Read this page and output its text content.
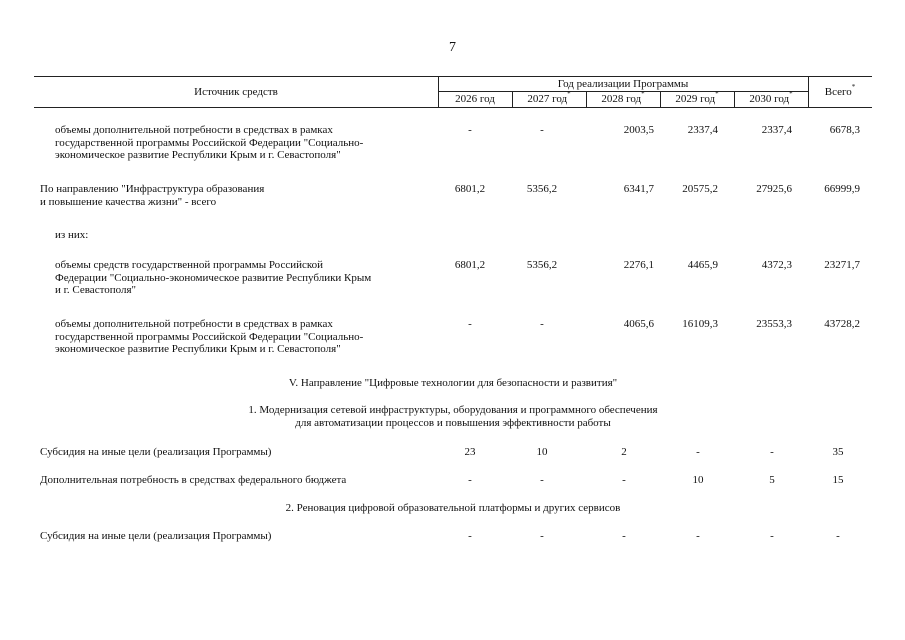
7
Источник средств
Год реализации Программы
Всего*
2026 год	2027 год*	2028 год*	2029 год*	2030 год*
объемы дополнительной потребности в средствах в рамках
государственной программы Российской Федерации "Социально-
экономическое развитие Республики Крым и г. Севастополя"
-	-	2003,5	2337,4	2337,4	6678,3
По направлению "Инфраструктура образования
и повышение качества жизни" - всего
6801,2	5356,2	6341,7	20575,2	27925,6	66999,9
из них:
объемы средств государственной программы Российской
Федерации "Социально-экономическое развитие Республики Крым
и г. Севастополя"
6801,2	5356,2	2276,1	4465,9	4372,3	23271,7
объемы дополнительной потребности в средствах в рамках
государственной программы Российской Федерации "Социально-
экономическое развитие Республики Крым и г. Севастополя"
-	-	4065,6	16109,3	23553,3	43728,2
V. Направление "Цифровые технологии для безопасности и развития"
1. Модернизация сетевой инфраструктуры, оборудования и программного обеспечения
для автоматизации процессов и повышения эффективности работы
Субсидия на иные цели (реализация Программы)	23	10	2	-	-	35
Дополнительная потребность в средствах федерального бюджета	-	-	-	10	5	15
2. Реновация цифровой образовательной платформы и других сервисов
Субсидия на иные цели (реализация Программы)	-	-	-	-	-	-
